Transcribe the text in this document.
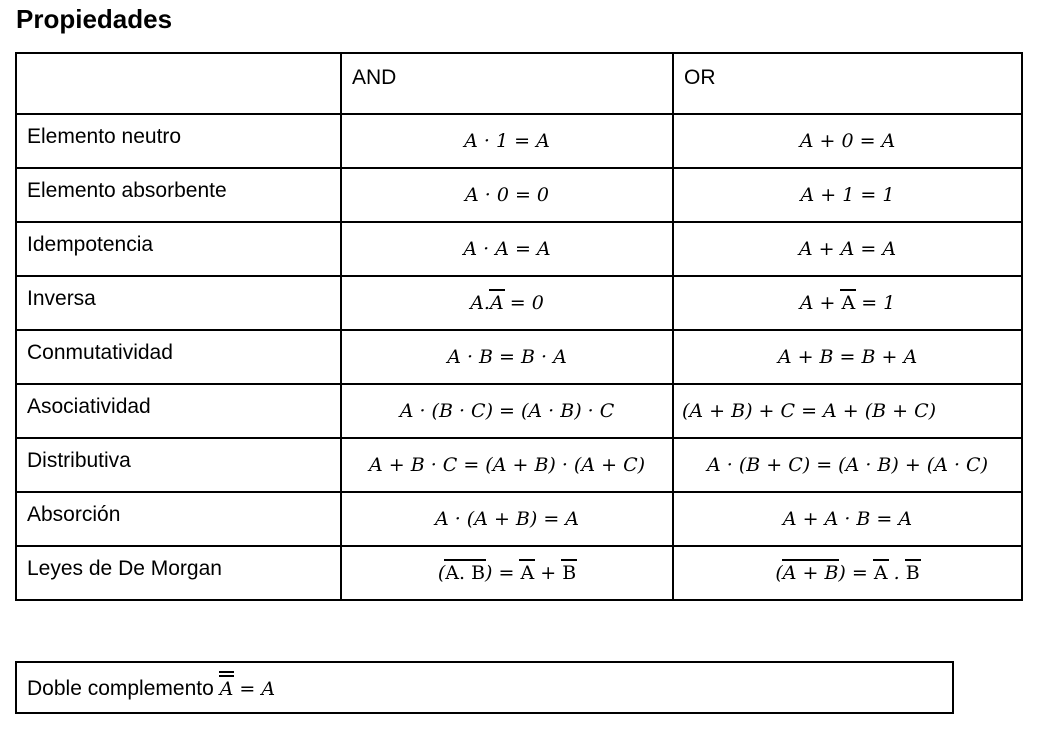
Propiedades
	AND	OR
Elemento neutro	A · 1 = A	A + 0 = A
Elemento absorbente	A · 0 = 0	A + 1 = 1
Idempotencia	A · A = A	A + A = A
Inversa	A.A = 0	A + A = 1
Conmutatividad	A · B = B · A	A + B = B + A
Asociatividad	A · (B · C) = (A · B) · C	(A + B) + C = A + (B + C)
Distributiva	A + B · C = (A + B) · (A + C)	A · (B + C) = (A · B) + (A · C)
Absorción	A · (A + B) = A	A + A · B = A
Leyes de De Morgan	(A. B) = A + B	(A + B) = A . B
Doble complemento A = A
